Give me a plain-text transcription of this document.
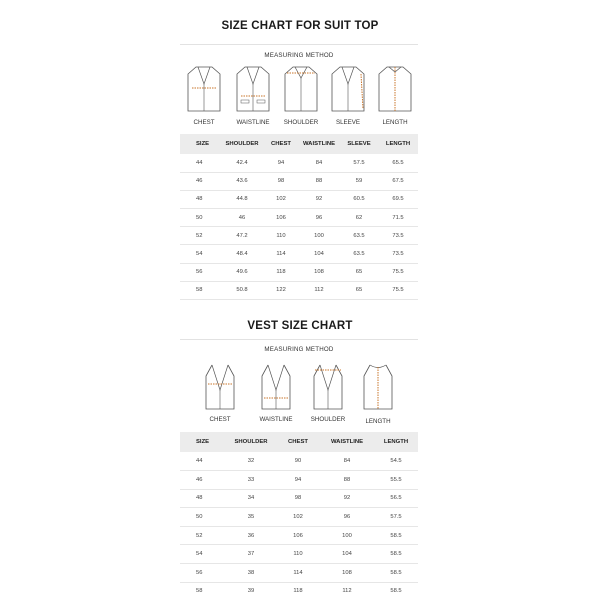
SIZE CHART FOR SUIT TOP
MEASURING METHOD
CHEST	WAISTLINE SHOULDER	SLEEVE	LENGTH
SIZE	SHOULDER	CHEST	WAISTLINE	SLEEVE	LENGTH
44	42.4	94	84	57.5	65.5
46	43.6	98	88	59	67.5
48	44.8	102	92	60.5	69.5
50	46	106	96	62	71.5
52	47.2	110	100	63.5	73.5
54	48.4	114	104	63.5	73.5
56	49.6	118	108	65	75.5
58	50.8	122	112	65	75.5
VEST SIZE CHART
MEASURING METHOD
CHEST	WAISTLINE	SHOULDER	LENGTH
SIZE	SHOULDER	CHEST	WAISTLINE	LENGTH
44	32	90	84	54.5
46	33	94	88	55.5
48	34	98	92	56.5
50	35	102	96	57.5
52	36	106	100	58.5
54	37	110	104	58.5
56	38	114	108	58.5
58	39	118	112	58.5
